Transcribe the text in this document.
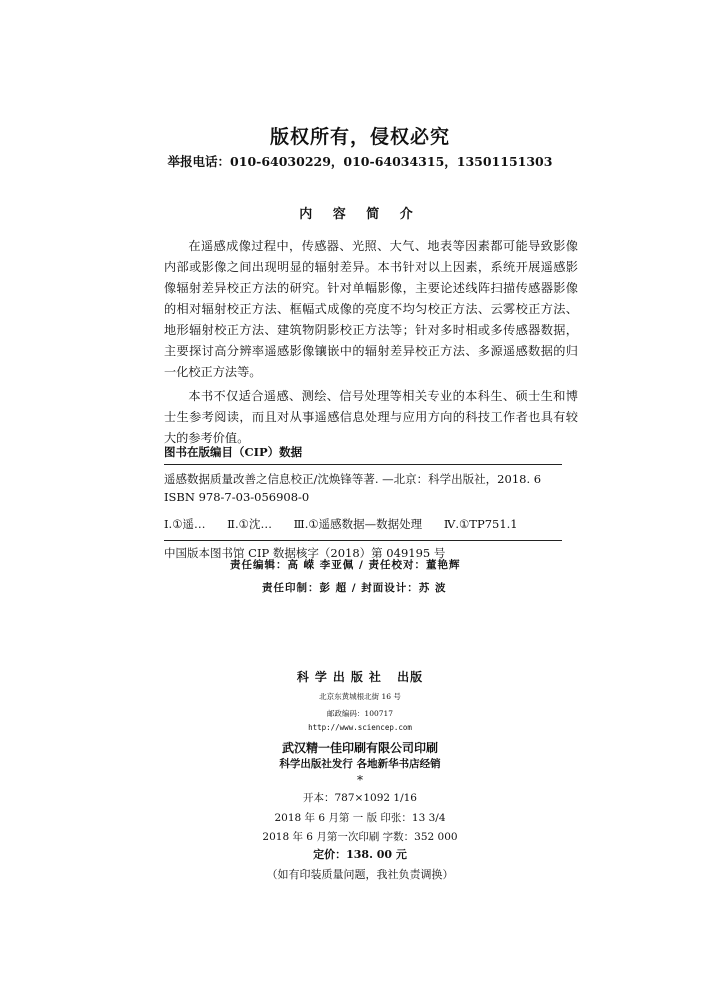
版权所有，侵权必究
举报电话：010-64030229，010-64034315，13501151303
内 容 简 介

在遥感成像过程中，传感器、光照、大气、地表等因素都可能导致影像内部或影像之间出现明显的辐射差异。本书针对以上因素，系统开展遥感影像辐射差异校正方法的研究。针对单幅影像，主要论述线阵扫描传感器影像的相对辐射校正方法、框幅式成像的亮度不均匀校正方法、云雾校正方法、地形辐射校正方法、建筑物阴影校正方法等；针对多时相或多传感器数据，主要探讨高分辨率遥感影像镶嵌中的辐射差异校正方法、多源遥感数据的归一化校正方法等。

本书不仅适合遥感、测绘、信号处理等相关专业的本科生、硕士生和博士生参考阅读，而且对从事遥感信息处理与应用方向的科技工作者也具有较大的参考价值。

图书在版编目（CIP）数据
遥感数据质量改善之信息校正/沈焕锋等著. —北京：科学出版社，2018. 6
ISBN 978-7-03-056908-0
Ⅰ.①遥… Ⅱ.①沈… Ⅲ.①遥感数据—数据处理 Ⅳ.①TP751.1
中国版本图书馆 CIP 数据核字（2018）第 049195 号
责任编辑：高 嵘 李亚佩 / 责任校对：董艳辉
责任印制：彭 超 / 封面设计：苏 波
科学出版社 出版
北京东黄城根北街 16 号
邮政编码：100717
http://www.sciencep.com
武汉精一佳印刷有限公司印刷
科学出版社发行 各地新华书店经销
*
开本：787×1092 1/16
2018 年 6 月第 一 版 印张：13 3/4
2018 年 6 月第一次印刷 字数：352 000
定价：138. 00 元
（如有印装质量问题，我社负责调换）
